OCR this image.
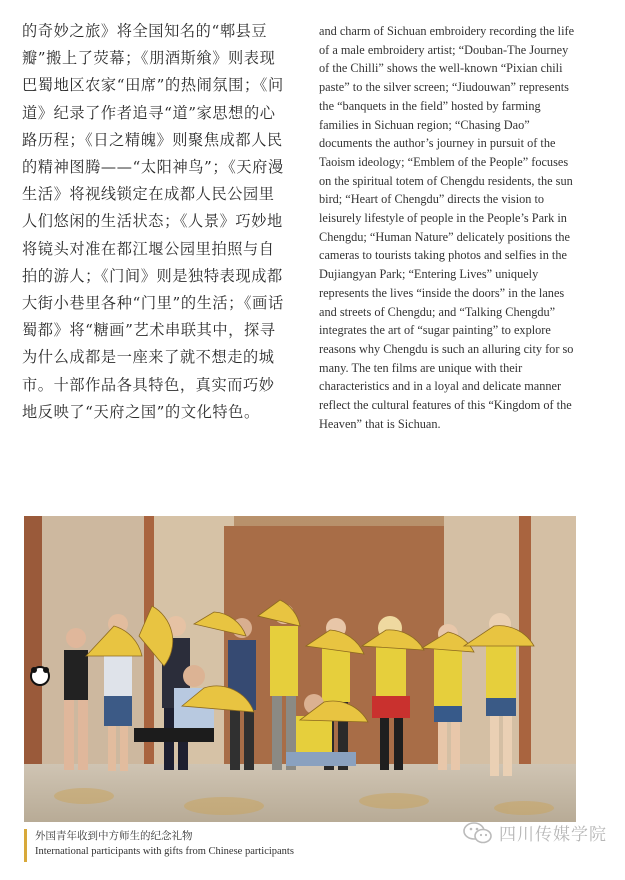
的奇妙之旅》将全国知名的“郫县豆瓣”搬上了荧幕；《朋酒斯飨》则表现巴蜀地区农家“田席”的热闹氛围；《问道》纪录了作者追寻“道”家思想的心路历程；《日之精魄》则聚焦成都人民的精神图腾——“太阳神鸟”；《天府漫生活》将视线锁定在成都人民公园里人们悠闲的生活状态；《人景》巧妙地将镜头对准在都江堰公园里拍照与自拍的游人；《门间》则是独特表现成都大街小巷里各种“门里”的生活；《画话蜀都》将“糖画”艺术串联其中，探寻为什么成都是一座来了就不想走的城市。十部作品各具特色，真实而巧妙地反映了“天府之国”的文化特色。

and charm of Sichuan embroidery recording the life of a male embroidery artist; “Douban-The Journey of the Chilli” shows the well-known “Pixian chili paste” to the silver screen; “Jiudouwan” represents the “banquets in the field” hosted by farming families in Sichuan region; “Chasing Dao” documents the author’s journey in pursuit of the Taoism ideology; “Emblem of the People” focuses on the spiritual totem of Chengdu residents, the sun bird; “Heart of Chengdu” directs the vision to leisurely lifestyle of people in the People’s Park in Chengdu; “Human Nature” delicately positions the cameras to tourists taking photos and selfies in the Dujiangyan Park; “Entering Lives” uniquely represents the lives “inside the doors” in the lanes and streets of Chengdu; and “Talking Chengdu” integrates the art of “sugar painting” to explore reasons why Chengdu is such an alluring city for so many. The ten films are unique with their characteristics and in a loyal and delicate manner reflect the cultural features of this “Kingdom of the Heaven” that is Sichuan.

外国青年收到中方师生的纪念礼物
International participants with gifts from Chinese participants
四川传媒学院
